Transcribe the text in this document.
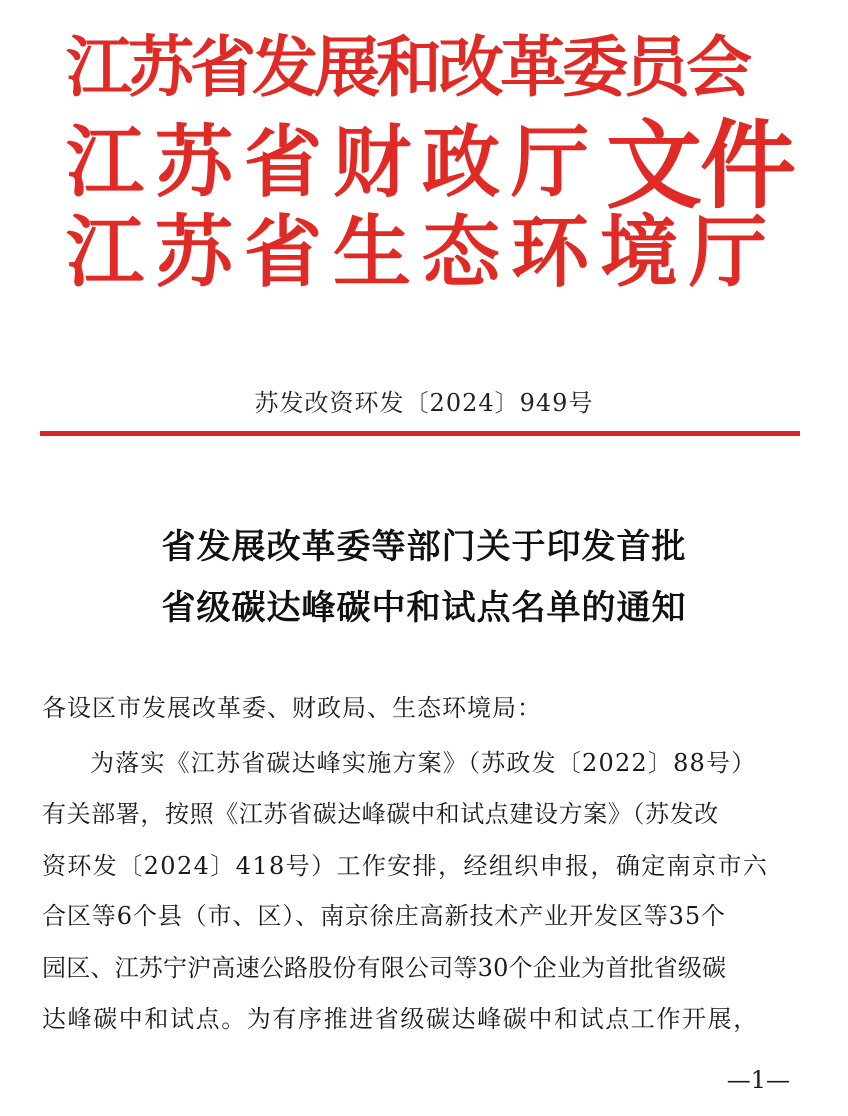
江苏省发展和改革委员会
江苏省财政厅 文件
江苏省生态环境厅
苏发改资环发〔2024〕949号
省发展改革委等部门关于印发首批
省级碳达峰碳中和试点名单的通知
各设区市发展改革委、财政局、生态环境局：
为落实《江苏省碳达峰实施方案》（苏政发〔2022〕88号）
有关部署，按照《江苏省碳达峰碳中和试点建设方案》（苏发改
资环发〔2024〕418号）工作安排，经组织申报，确定南京市六
合区等6个县（市、区）、南京徐庄高新技术产业开发区等35个
园区、江苏宁沪高速公路股份有限公司等30个企业为首批省级碳
达峰碳中和试点。为有序推进省级碳达峰碳中和试点工作开展，
—1—
